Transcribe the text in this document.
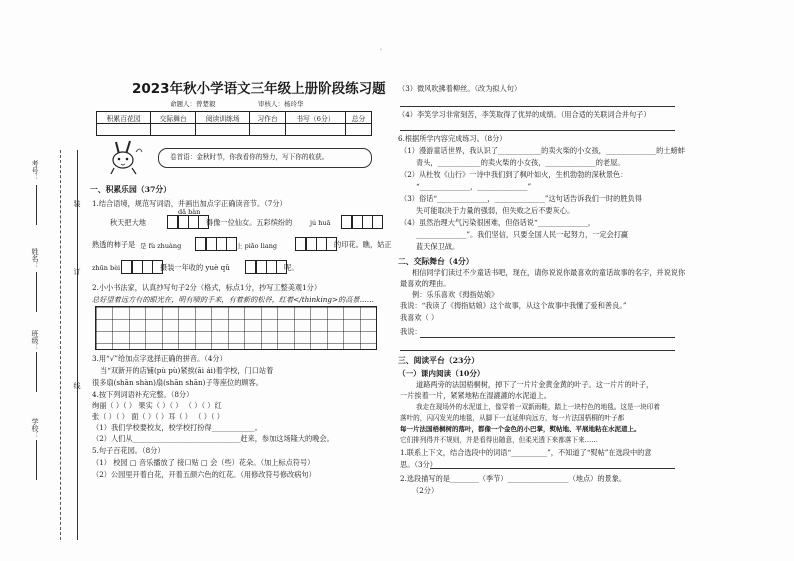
考号：
姓名：
班级：
学校：
订
线
装
2023年秋小学语文三年级上册阶段练习题
命题人：曾楚毅	审核人：杨玲华
积累百花园	交际舞台	阅读训练场	习作台	书写（6分）	总分

卷首语：金秋时节，你我看你的努力，写下你的收获。
一、积累乐园（37分）
1.结合语境，规范写词语，并画出加点字正确读音节。（7分）
秋天把大地
dǎ bàn
得像一位仙女。五彩缤纷的	jú huā
熟透的柿子是 是 fù zhuàng	上 piāo liang	的印花。瞧，姑正
zhūn bèi	摄装一年收的 yuè qǔ	呢。
2.小小书法家，认真抄写句子2分（格式，标点1分，抄写工整美观1分）
总好望着远方有的眼光在，明有喷的手来，有着新的松谷，红着</thinking>的高景……
3.用“√”给加点字选择正确的拼音。（4分）
当“双新开的店铺(pù pù)紧挨(āi ái)着学校，门口站着
很多扇(shān shàn)扇(shān shān)子等座位的顾客。
4.按下列词语补充完整。（8分）
绚丽（ ）（ ） 果实（ ）（ ） （ ）（ ）红
张（ ）（ ） 面（ ）（ ）耳（ ） （ ）（ ）
（1）我们学校要校友，校学校打扮得____________。
（2）人们从______________________________赶来，参加这场隆大的晚会。
5.句子百花园。（8分）
（1） 校园 □ 音乐播放了 接口贴 □ 会（些）花朵。（加上标点符号）
（2）公园里开着白花，开着五颜六色的红花。（用修改符号修改病句）
（3）微风吹拂着柳丝。（改为拟人句）
（4）李笑学习非常刻苦，李笑取得了优异的成绩。（用合适的关联词合并句子）
6.根据所学内容完成练习。（8分）
（1）漫游童话世界，我认识了____________的卖火柴的小女孩，______________的土螃蚌
青头，____________的卖火柴的小女孩，______________的老屋。
（2）从杜牧《山行》一诗中我们到了枫叶如火，生机勃勃的深秋景色：
“______________，______________”
（3）俗话“______________，______________”这句话告诉我们一时的胜负得
失可能取决于力量的强弱，但失败之后不要灰心。
（4）虽然治理大气污染很困难，但俗话说“______________，
______________”。我们坚信，只要全国人民一起努力，一定会打赢
蓝天保卫战。
二、交际舞台（4分）
相信同学们读过不少童话书吧，现在，请你说说你最喜欢的童话故事的名字，并说说你
最喜欢的理由。
例：乐乐喜欢《拇指姑娘》
我说：“我读了《拇指姑娘》这个故事，从这个故事中我懂了爱和善良。”
我喜欢（ ）
我说：
三、阅读平台（23分）
（一）课内阅读（10分）
道路两旁的法国梧桐树，掉下了一片片金黄金黄的叶子。这一片片的叶子，
一片挨着一片，紧紧地粘在湿漉漉的水泥道上。
我走在现场外的水泥道上，像穿着一双新雨鞋，踏上一块柠色的地毯。这是一块印着
落叶的，闪闪发光的地毯，从脚下一直延伸向远方，每一片法国梧桐的叶子都
每一片法国梧桐树的落叶，都像一个金色的小巴掌，熨帖地、平展地粘在水泥道上。
它们排列得并不规则，并是看得出随意，但柔光透下来都落下来……
1.联系上下文，结合选段中的词语“__________”，不知道了“熨帖”在选段中的意
思。（3分）
2.选段描写的是________（季节）_________________（地点）的景象。
（2分）
'
